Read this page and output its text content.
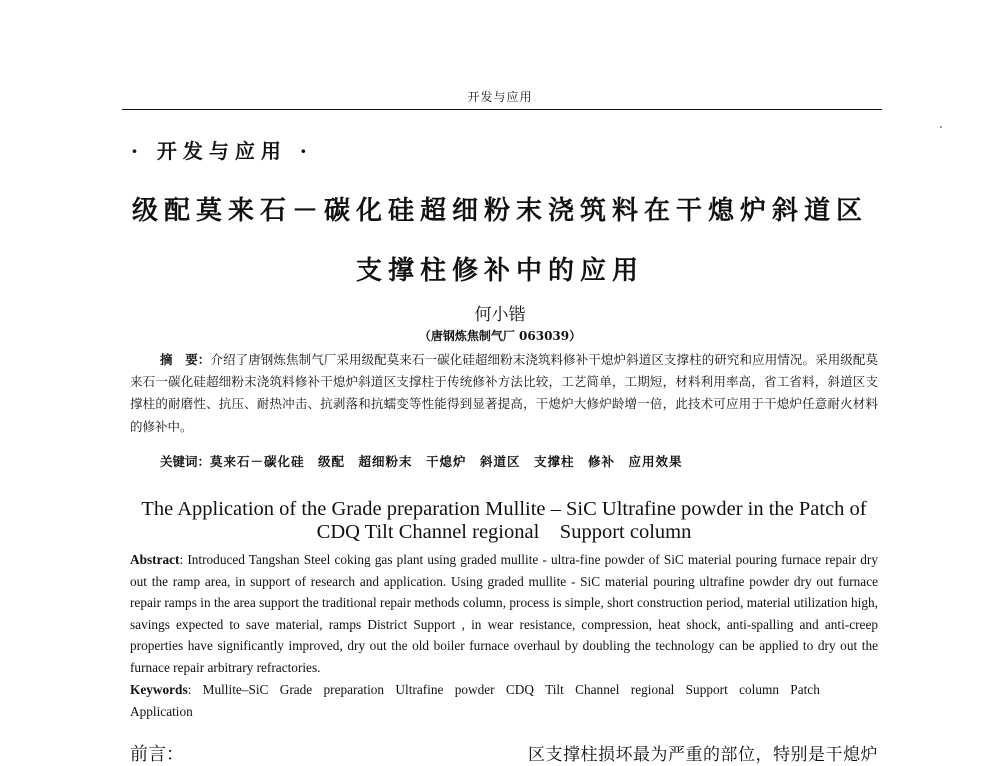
开发与应用
· 开发与应用 ·
级配莫来石－碳化硅超细粉末浇筑料在干熄炉斜道区
支撑柱修补中的应用
何小锴
（唐钢炼焦制气厂 063039）
摘　要：介绍了唐钢炼焦制气厂采用级配莫来石一碳化硅超细粉末浇筑料修补干熄炉斜道区支撑柱的研究和应用情况。采用级配莫来石一碳化硅超细粉末浇筑料修补干熄炉斜道区支撑柱于传统修补方法比较，工艺简单，工期短，材料利用率高，省工省料，斜道区支撑柱的耐磨性、抗压、耐热冲击、抗剥落和抗蠕变等性能得到显著提高，干熄炉大修炉龄增一倍，此技术可应用于干熄炉任意耐火材料的修补中。
关键词：莫来石－碳化硅　级配　超细粉末　干熄炉　斜道区　支撑柱　修补　应用效果
The Application of the Grade preparation Mullite – SiC Ultrafine powder in the Patch of
CDQ Tilt Channel regional　Support column
Abstract: Introduced Tangshan Steel coking gas plant using graded mullite - ultra-fine powder of SiC material pouring furnace repair dry out the ramp area, in support of research and application. Using graded mullite - SiC material pouring ultrafine powder dry out furnace repair ramps in the area support the traditional repair methods column, process is simple, short construction period, material utilization high, savings expected to save material, ramps District Support , in wear resistance, compression, heat shock, anti-spalling and anti-creep properties have significantly improved, dry out the old boiler furnace overhaul by doubling the technology can be applied to dry out the furnace repair arbitrary refractories.
Keywords: Mullite–SiC Grade preparation Ultrafine powder CDQ Tilt Channel regional Support column Patch Application
前言：	区支撑柱损坏最为严重的部位，特别是干熄炉
